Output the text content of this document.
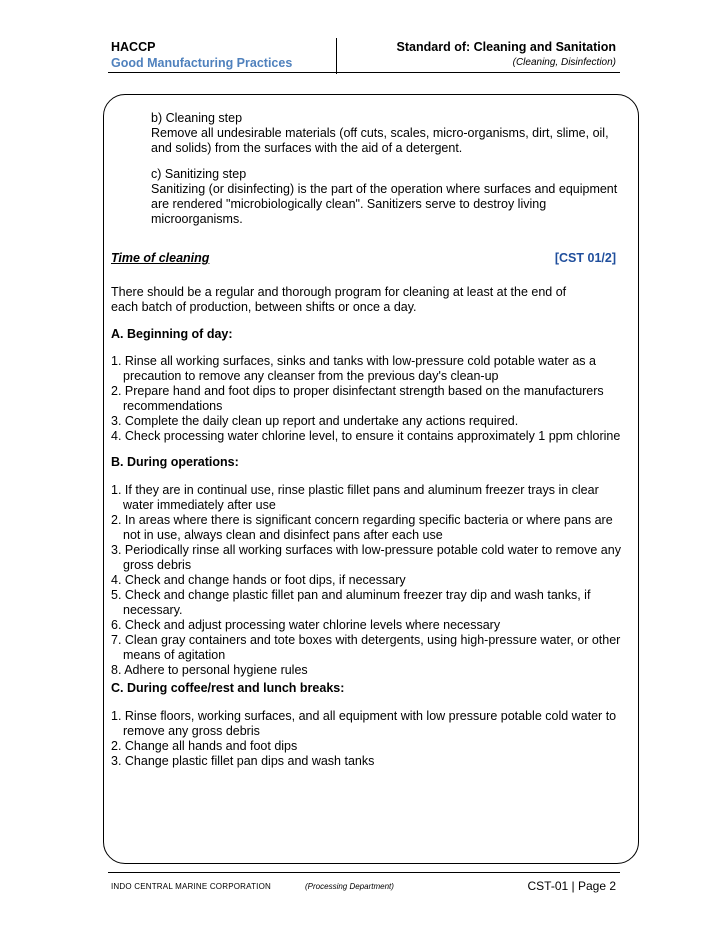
HACCP
Good Manufacturing Practices
Standard of: Cleaning and Sanitation
(Cleaning, Disinfection)
b) Cleaning step
Remove all undesirable materials (off cuts, scales, micro-organisms, dirt, slime, oil,
and solids) from the surfaces with the aid of a detergent.
c) Sanitizing step
Sanitizing (or disinfecting) is the part of the operation where surfaces and equipment
are rendered "microbiologically clean". Sanitizers serve to destroy living
microorganisms.
Time of cleaning	[CST 01/2]
There should be a regular and thorough program for cleaning at least at the end of
each batch of production, between shifts or once a day.
A. Beginning of day:

1. Rinse all working surfaces, sinks and tanks with low-pressure cold potable water as a
precaution to remove any cleanser from the previous day's clean-up

2. Prepare hand and foot dips to proper disinfectant strength based on the manufacturers
recommendations

3. Complete the daily clean up report and undertake any actions required.

4. Check processing water chlorine level, to ensure it contains approximately 1 ppm chlorine

B. During operations:

1. If they are in continual use, rinse plastic fillet pans and aluminum freezer trays in clear
water immediately after use

2. In areas where there is significant concern regarding specific bacteria or where pans are
not in use, always clean and disinfect pans after each use

3. Periodically rinse all working surfaces with low-pressure potable cold water to remove any
gross debris

4. Check and change hands or foot dips, if necessary

5. Check and change plastic fillet pan and aluminum freezer tray dip and wash tanks, if
necessary.

6. Check and adjust processing water chlorine levels where necessary

7. Clean gray containers and tote boxes with detergents, using high-pressure water, or other
means of agitation

8. Adhere to personal hygiene rules

C. During coffee/rest and lunch breaks:

1. Rinse floors, working surfaces, and all equipment with low pressure potable cold water to
remove any gross debris

2. Change all hands and foot dips

3. Change plastic fillet pan dips and wash tanks

INDO CENTRAL MARINE CORPORATION	(Processing Department)	CST-01 | Page 2
